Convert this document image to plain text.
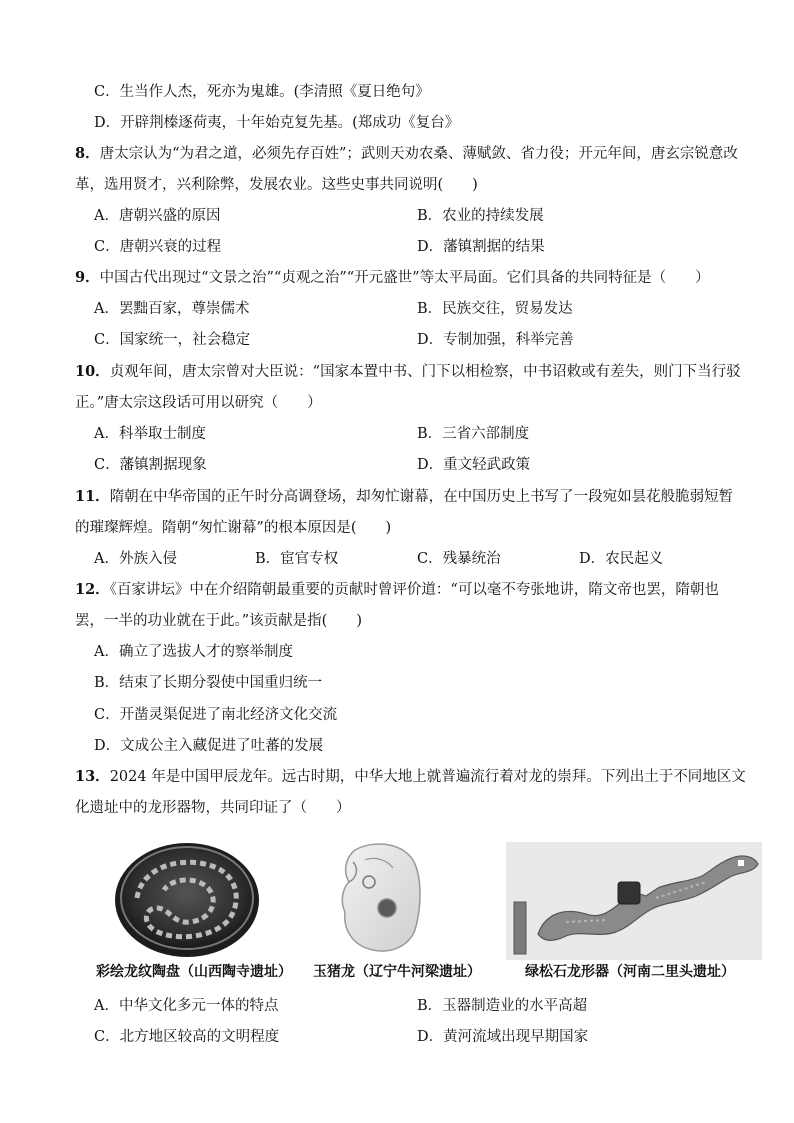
C．生当作人杰，死亦为鬼雄。(李清照《夏日绝句》
D．开辟荆榛逐荷夷，十年始克复先基。(郑成功《复台》
8．唐太宗认为“为君之道，必须先存百姓”；武则天劝农桑、薄赋敛、省力役；开元年间，唐玄宗锐意改
革，选用贤才，兴利除弊，发展农业。这些史事共同说明(　　)
A．唐朝兴盛的原因	B．农业的持续发展
C．唐朝兴衰的过程	D．藩镇割据的结果
9．中国古代出现过“文景之治”“贞观之治”“开元盛世”等太平局面。它们具备的共同特征是（　　）
A．罢黜百家，尊崇儒术	B．民族交往，贸易发达
C．国家统一，社会稳定	D．专制加强，科举完善
10．贞观年间，唐太宗曾对大臣说：“国家本置中书、门下以相检察，中书诏敕或有差失，则门下当行驳
正。”唐太宗这段话可用以研究（　　）
A．科举取士制度	B．三省六部制度
C．藩镇割据现象	D．重文轻武政策
11．隋朝在中华帝国的正午时分高调登场，却匆忙谢幕，在中国历史上书写了一段宛如昙花般脆弱短暂
的璀璨辉煌。隋朝“匆忙谢幕”的根本原因是(　　)
A．外族入侵	B．宦官专权	C．残暴统治	D．农民起义
12．《百家讲坛》中在介绍隋朝最重要的贡献时曾评价道：“可以毫不夸张地讲，隋文帝也罢，隋朝也
罢，一半的功业就在于此。”该贡献是指(　　)
A．确立了选拔人才的察举制度
B．结束了长期分裂使中国重归统一
C．开凿灵渠促进了南北经济文化交流
D．文成公主入藏促进了吐蕃的发展
13．2024 年是中国甲辰龙年。远古时期，中华大地上就普遍流行着对龙的崇拜。下列出土于不同地区文
化遗址中的龙形器物，共同印证了（　　）
彩绘龙纹陶盘（山西陶寺遗址） 玉猪龙（辽宁牛河梁遗址）	绿松石龙形器（河南二里头遗址）
A．中华文化多元一体的特点	B．玉器制造业的水平高超
C．北方地区较高的文明程度	D．黄河流域出现早期国家
